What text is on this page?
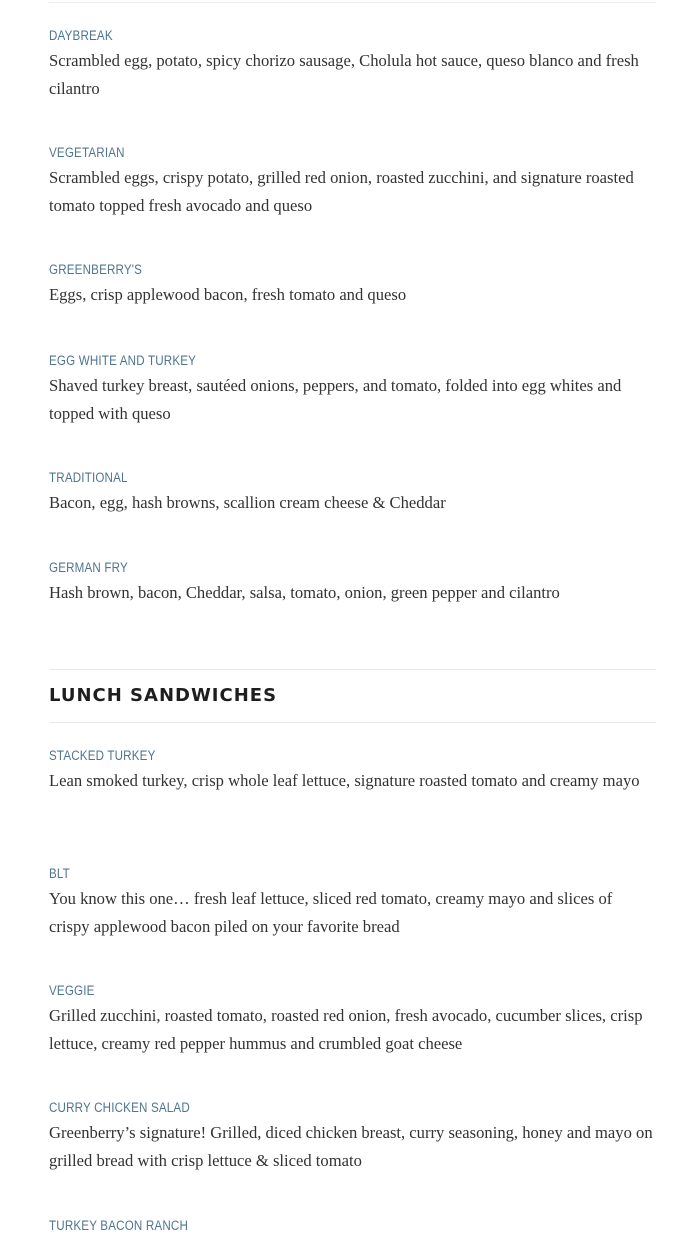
DAYBREAK
Scrambled egg, potato, spicy chorizo sausage, Cholula hot sauce, queso blanco and fresh cilantro
VEGETARIAN
Scrambled eggs, crispy potato, grilled red onion, roasted zucchini, and signature roasted tomato topped fresh avocado and queso
GREENBERRY'S
Eggs, crisp applewood bacon, fresh tomato and queso
EGG WHITE AND TURKEY
Shaved turkey breast, sautéed onions, peppers, and tomato, folded into egg whites and topped with queso
TRADITIONAL
Bacon, egg, hash browns, scallion cream cheese & Cheddar
GERMAN FRY
Hash brown, bacon, Cheddar, salsa, tomato, onion, green pepper and cilantro
LUNCH SANDWICHES
STACKED TURKEY
Lean smoked turkey, crisp whole leaf lettuce, signature roasted tomato and creamy mayo
BLT
You know this one… fresh leaf lettuce, sliced red tomato, creamy mayo and slices of crispy applewood bacon piled on your favorite bread
VEGGIE
Grilled zucchini, roasted tomato, roasted red onion, fresh avocado, cucumber slices, crisp lettuce, creamy red pepper hummus and crumbled goat cheese
CURRY CHICKEN SALAD
Greenberry’s signature! Grilled, diced chicken breast, curry seasoning, honey and mayo on grilled bread with crisp lettuce & sliced tomato
TURKEY BACON RANCH
